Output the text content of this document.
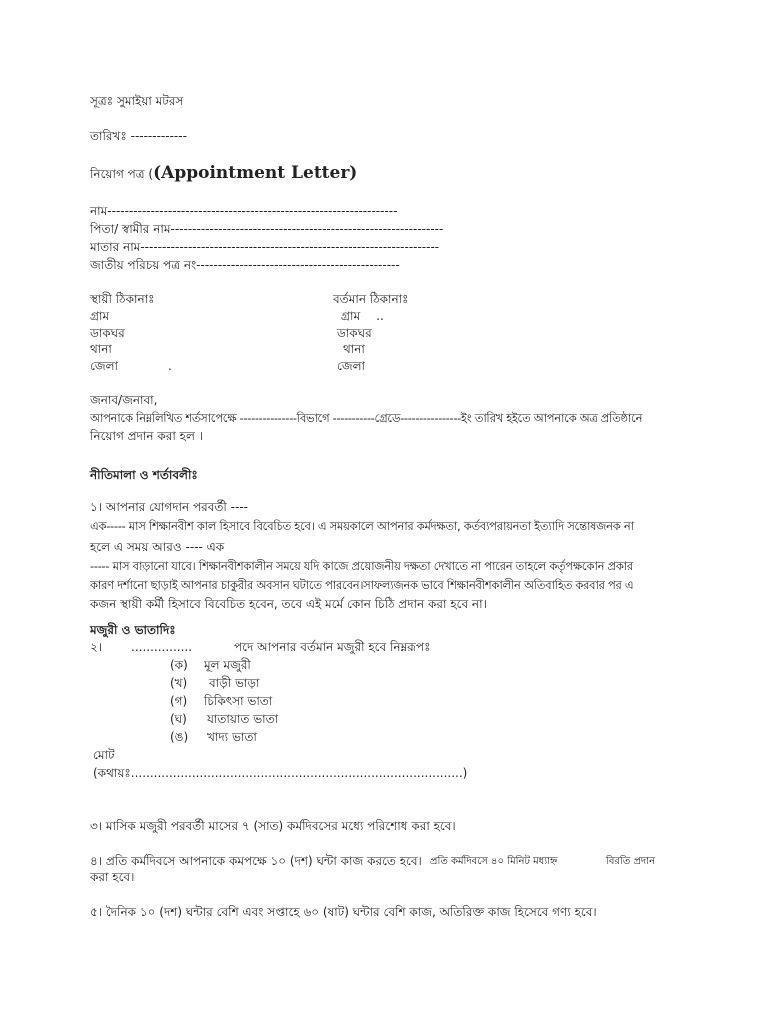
সূত্রঃ সুমাইয়া মটরস
তারিখঃ -------------
নিয়োগ পত্র ((Appointment Letter)
নাম-------------------------------------------------------------------
পিতা/ স্বামীর নাম---------------------------------------------------------------
মাতার নাম---------------------------------------------------------------------
জাতীয় পরিচয় পত্র নং-----------------------------------------------
স্থায়ী ঠিকানাঃ	বর্তমান ঠিকানাঃ
গ্রাম	গ্রাম ..
ডাকঘর	ডাকঘর
থানা	থানা
জেলা	.	জেলা
জনাব/জনাবা,
আপনাকে নিম্নলিখিত শর্তসাপেক্ষে ---------------বিভাগে -----------গ্রেডে----------------ইং তারিখ হইতে আপনাকে অত্র প্রতিষ্ঠানে
নিয়োগ প্রদান করা হল ।
নীতিমালা ও শর্তাবলীঃ
১। আপনার যোগদান পরবর্তী ----
এক----- মাস শিক্ষানবীশ কাল হিসাবে বিবেচিত হবে। এ সময়কালে আপনার কর্মদক্ষতা, কর্তব্যপরায়নতা ইত্যাদি সন্তোষজনক না
হলে এ সময় আরও ---- এক
----- মাস বাড়ানো যাবে। শিক্ষানবীশকালীন সময়ে যদি কাজে প্রয়োজনীয় দক্ষতা দেখাতে না পারেন তাহলে কর্তৃপক্ষকোন প্রকার
কারণ দর্শানো ছাড়াই আপনার চাকুরীর অবসান ঘটাতে পারবেন।সাফল্যজনক ভাবে শিক্ষানবীশকালীন অতিবাহিত করবার পর এ
কজন স্থায়ী কর্মী হিসাবে বিবেচিত হবেন, তবে এই মর্মে কোন চিঠি প্রদান করা হবে না।
মজুরী ও ভাতাদিঃ
২। ................	পদে আপনার বর্তমান মজুরী হবে নিম্নরূপঃ
(ক) মূল মজুরী
(খ) বাড়ী ভাড়া
(গ) চিকিৎসা ভাতা
(ঘ) যাতায়াত ভাতা
(ঙ) খাদ্য ভাতা
মোট
(কথায়ঃ.......................................................................................)
৩। মাসিক মজুরী পরবর্তী মাসের ৭ (সাত) কর্মদিবসের মধ্যে পরিশোধ করা হবে।
৪। প্রতি কর্মদিবসে আপনাকে কমপক্ষে ১০ (দশ) ঘন্টা কাজ করতে হবে। প্রতি কর্মদিবসে ৪০ মিনিট মধ্যাহ্ন	বিরতি প্রদান
করা হবে।
৫। দৈনিক ১০ (দশ) ঘন্টার বেশি এবং সপ্তাহে ৬০ (ষাট) ঘন্টার বেশি কাজ, অতিরিক্ত কাজ হিসেবে গণ্য হবে।
